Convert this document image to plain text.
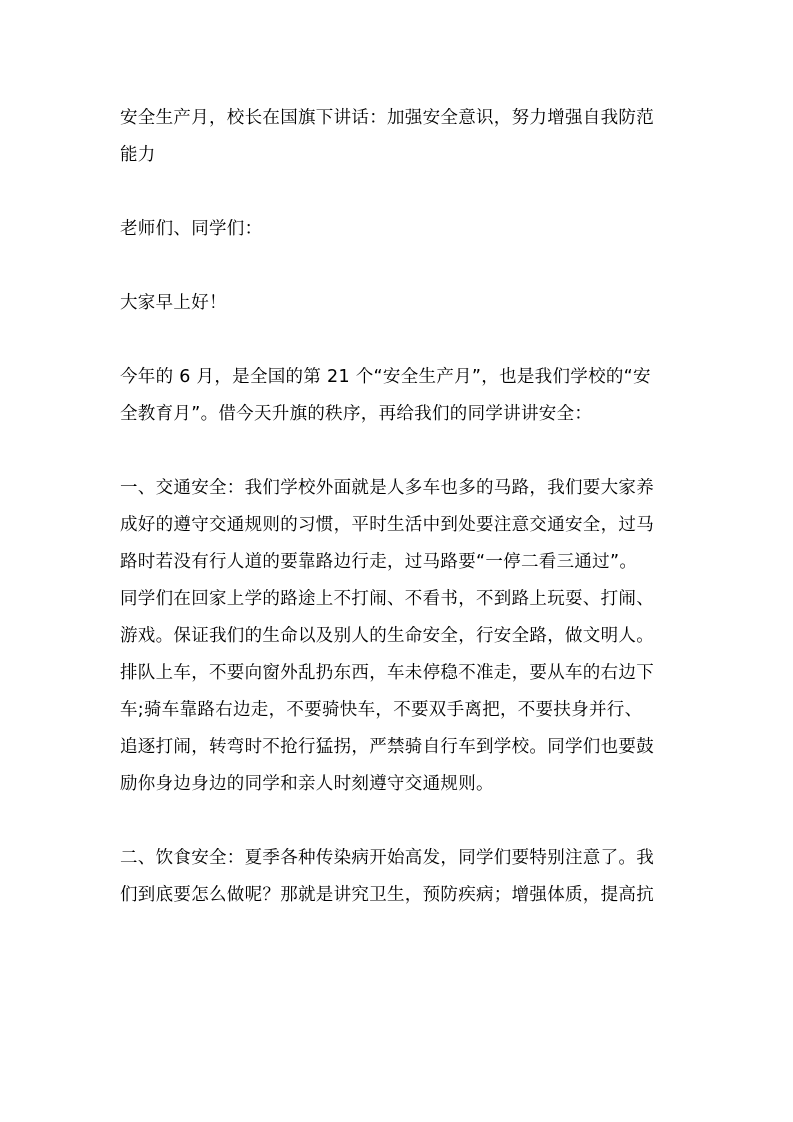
安全生产月，校长在国旗下讲话：加强安全意识，努力增强自我防范
能力

老师们、同学们：

大家早上好！

今年的 6 月，是全国的第 21 个“安全生产月”，也是我们学校的“安
全教育月”。借今天升旗的秩序，再给我们的同学讲讲安全：

一、交通安全：我们学校外面就是人多车也多的马路，我们要大家养
成好的遵守交通规则的习惯，平时生活中到处要注意交通安全，过马
路时若没有行人道的要靠路边行走，过马路要“一停二看三通过”。
同学们在回家上学的路途上不打闹、不看书，不到路上玩耍、打闹、
游戏。保证我们的生命以及别人的生命安全，行安全路，做文明人。
排队上车，不要向窗外乱扔东西，车未停稳不准走，要从车的右边下
车;骑车靠路右边走，不要骑快车，不要双手离把，不要扶身并行、
追逐打闹，转弯时不抢行猛拐，严禁骑自行车到学校。同学们也要鼓
励你身边身边的同学和亲人时刻遵守交通规则。

二、饮食安全：夏季各种传染病开始高发，同学们要特别注意了。我
们到底要怎么做呢？那就是讲究卫生，预防疾病；增强体质，提高抗
